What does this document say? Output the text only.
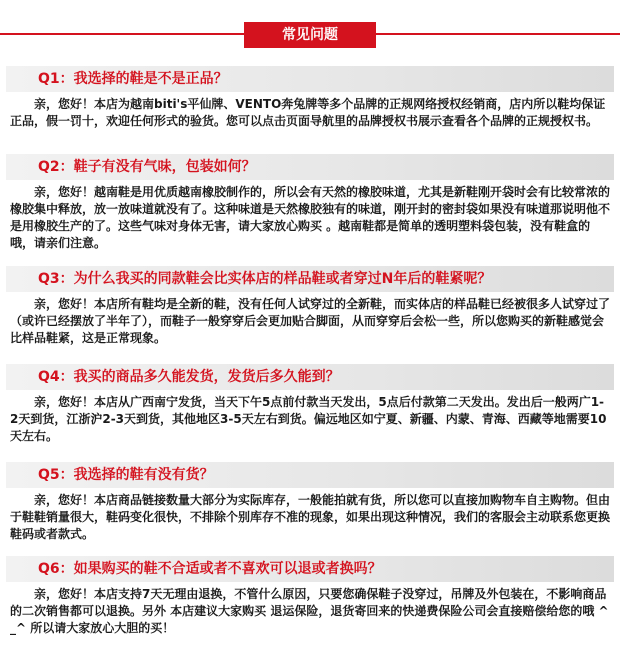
常见问题
Q1：我选择的鞋是不是正品？

亲，您好！本店为越南biti's平仙牌、VENTO奔兔牌等多个品牌的正规网络授权经销商，店内所以鞋均保证正品，假一罚十，欢迎任何形式的验货。您可以点击页面导航里的品牌授权书展示查看各个品牌的正规授权书。

Q2：鞋子有没有气味，包装如何？

亲，您好！越南鞋是用优质越南橡胶制作的，所以会有天然的橡胶味道，尤其是新鞋刚开袋时会有比较常浓的橡胶集中释放，放一放味道就没有了。这种味道是天然橡胶独有的味道，刚开封的密封袋如果没有味道那说明他不是用橡胶生产的了。这些气味对身体无害，请大家放心购买 。越南鞋都是简单的透明塑料袋包装，没有鞋盒的哦，请亲们注意。

Q3：为什么我买的同款鞋会比实体店的样品鞋或者穿过N年后的鞋紧呢？

亲，您好！本店所有鞋均是全新的鞋，没有任何人试穿过的全新鞋，而实体店的样品鞋已经被很多人试穿过了（或许已经摆放了半年了），而鞋子一般穿穿后会更加贴合脚面，从而穿穿后会松一些，所以您购买的新鞋感觉会比样品鞋紧，这是正常现象。

Q4：我买的商品多久能发货，发货后多久能到？

亲，您好！本店从广西南宁发货，当天下午5点前付款当天发出，5点后付款第二天发出。发出后一般两广1-2天到货，江浙沪2-3天到货，其他地区3-5天左右到货。偏远地区如宁夏、新疆、内蒙、青海、西藏等地需要10天左右。

Q5：我选择的鞋有没有货？

亲，您好！本店商品链接数量大部分为实际库存，一般能拍就有货，所以您可以直接加购物车自主购物。但由于鞋鞋销量很大，鞋码变化很快，不排除个别库存不准的现象，如果出现这种情况，我们的客服会主动联系您更换鞋码或者款式。

Q6：如果购买的鞋不合适或者不喜欢可以退或者换吗？

亲，您好！本店支持7天无理由退换，不管什么原因，只要您确保鞋子没穿过，吊牌及外包装在，不影响商品的二次销售都可以退换。另外 本店建议大家购买 退运保险，退货寄回来的快递费保险公司会直接赔偿给您的哦 ^_^ 所以请大家放心大胆的买！
